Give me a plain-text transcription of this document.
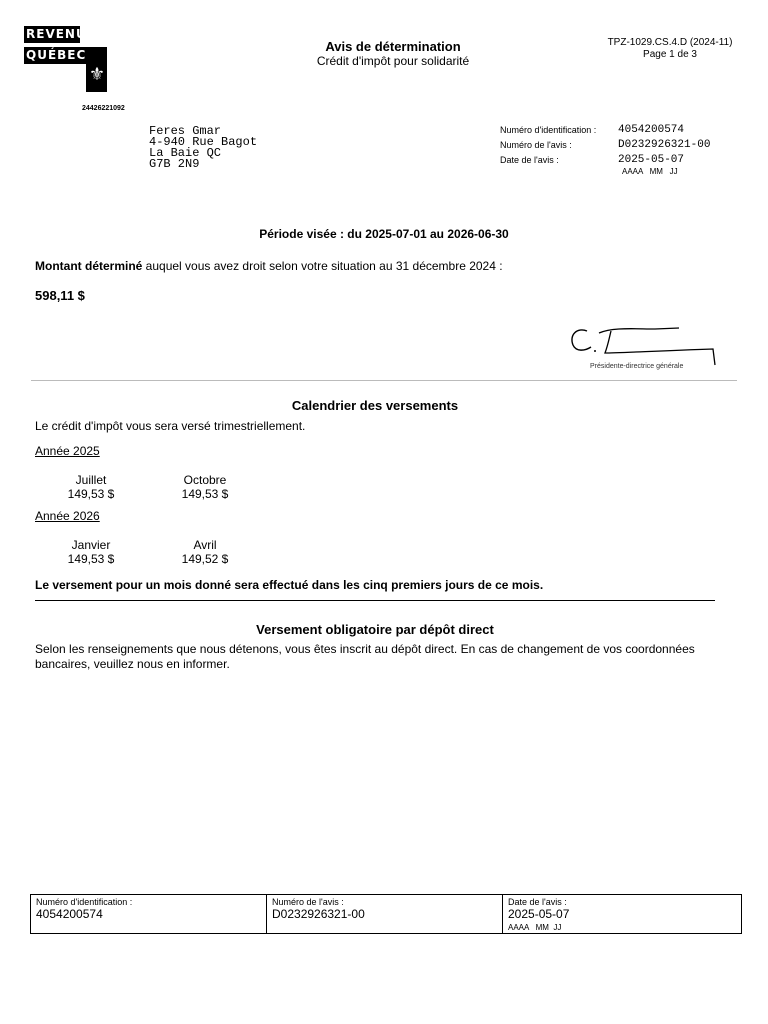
REVENU
QUÉBEC
⚜
24426221092
Avis de détermination
Crédit d'impôt pour solidarité
TPZ-1029.CS.4.D (2024-11)
Page 1 de 3
Feres Gmar
4-940 Rue Bagot
La Baie QC
G7B 2N9
Numéro d'identification : 4054200574
Numéro de l'avis :	D0232926321-00
Date de l'avis :	2025-05-07
AAAA   MM   JJ
Période visée : du 2025-07-01 au 2026-06-30
Montant déterminé auquel vous avez droit selon votre situation au 31 décembre 2024 :
598,11 $
Présidente-directrice générale
Calendrier des versements
Le crédit d'impôt vous sera versé trimestriellement.
Année 2025
Juillet
149,53 $
Octobre
149,53 $
Année 2026
Janvier
149,53 $
Avril
149,52 $
Le versement pour un mois donné sera effectué dans les cinq premiers jours de ce mois.
Versement obligatoire par dépôt direct
Selon les renseignements que nous détenons, vous êtes inscrit au dépôt direct. En cas de changement de vos coordonnées bancaires, veuillez nous en informer.
Numéro d'identification :
4054200574
Numéro de l'avis :
D0232926321-00
Date de l'avis :
2025-05-07
AAAA   MM  JJ
